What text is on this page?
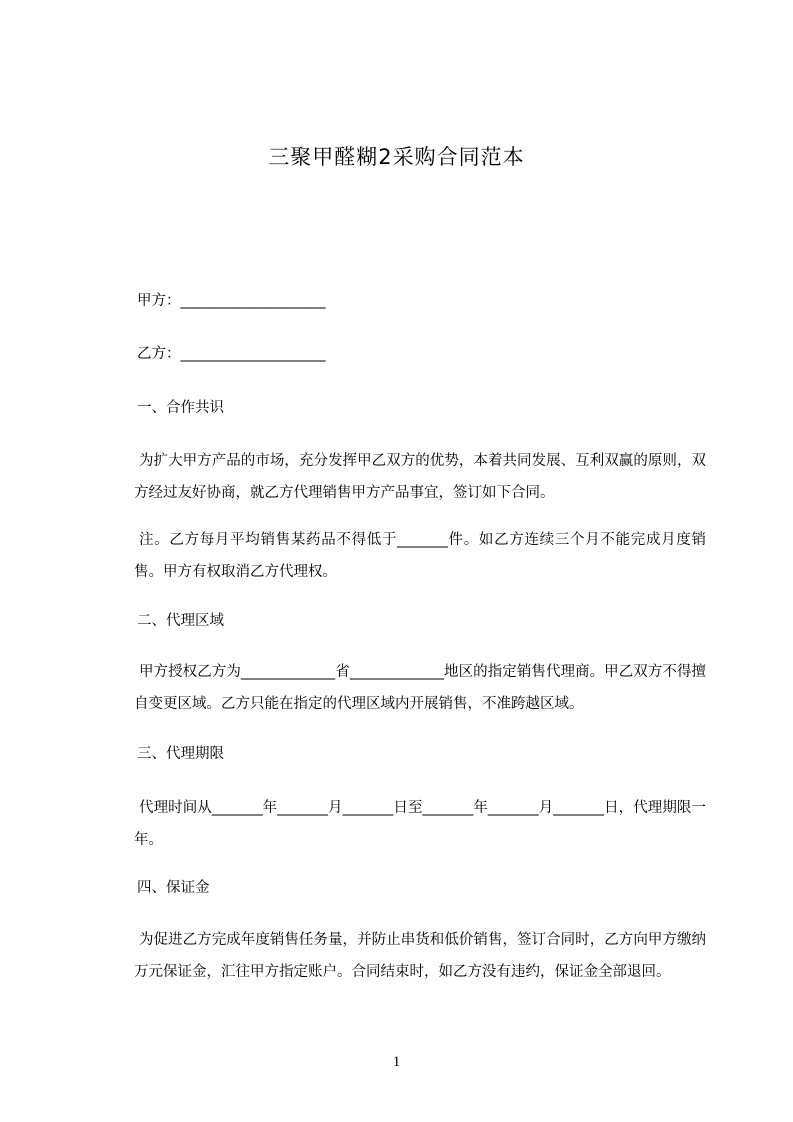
三聚甲醛糊2采购合同范本
甲方：____________________
乙方：____________________
一、合作共识
为扩大甲方产品的市场，充分发挥甲乙双方的优势，本着共同发展、互利双赢的原则，双方经过友好协商，就乙方代理销售甲方产品事宜，签订如下合同。
注。乙方每月平均销售某药品不得低于_______件。如乙方连续三个月不能完成月度销售。甲方有权取消乙方代理权。
二、代理区域
甲方授权乙方为_____________省_____________地区的指定销售代理商。甲乙双方不得擅自变更区域。乙方只能在指定的代理区域内开展销售，不准跨越区域。
三、代理期限
代理时间从_______年_______月_______日至_______年_______月_______日，代理期限一年。
四、保证金
为促进乙方完成年度销售任务量，并防止串货和低价销售，签订合同时，乙方向甲方缴纳万元保证金，汇往甲方指定账户。合同结束时，如乙方没有违约，保证金全部退回。
1
